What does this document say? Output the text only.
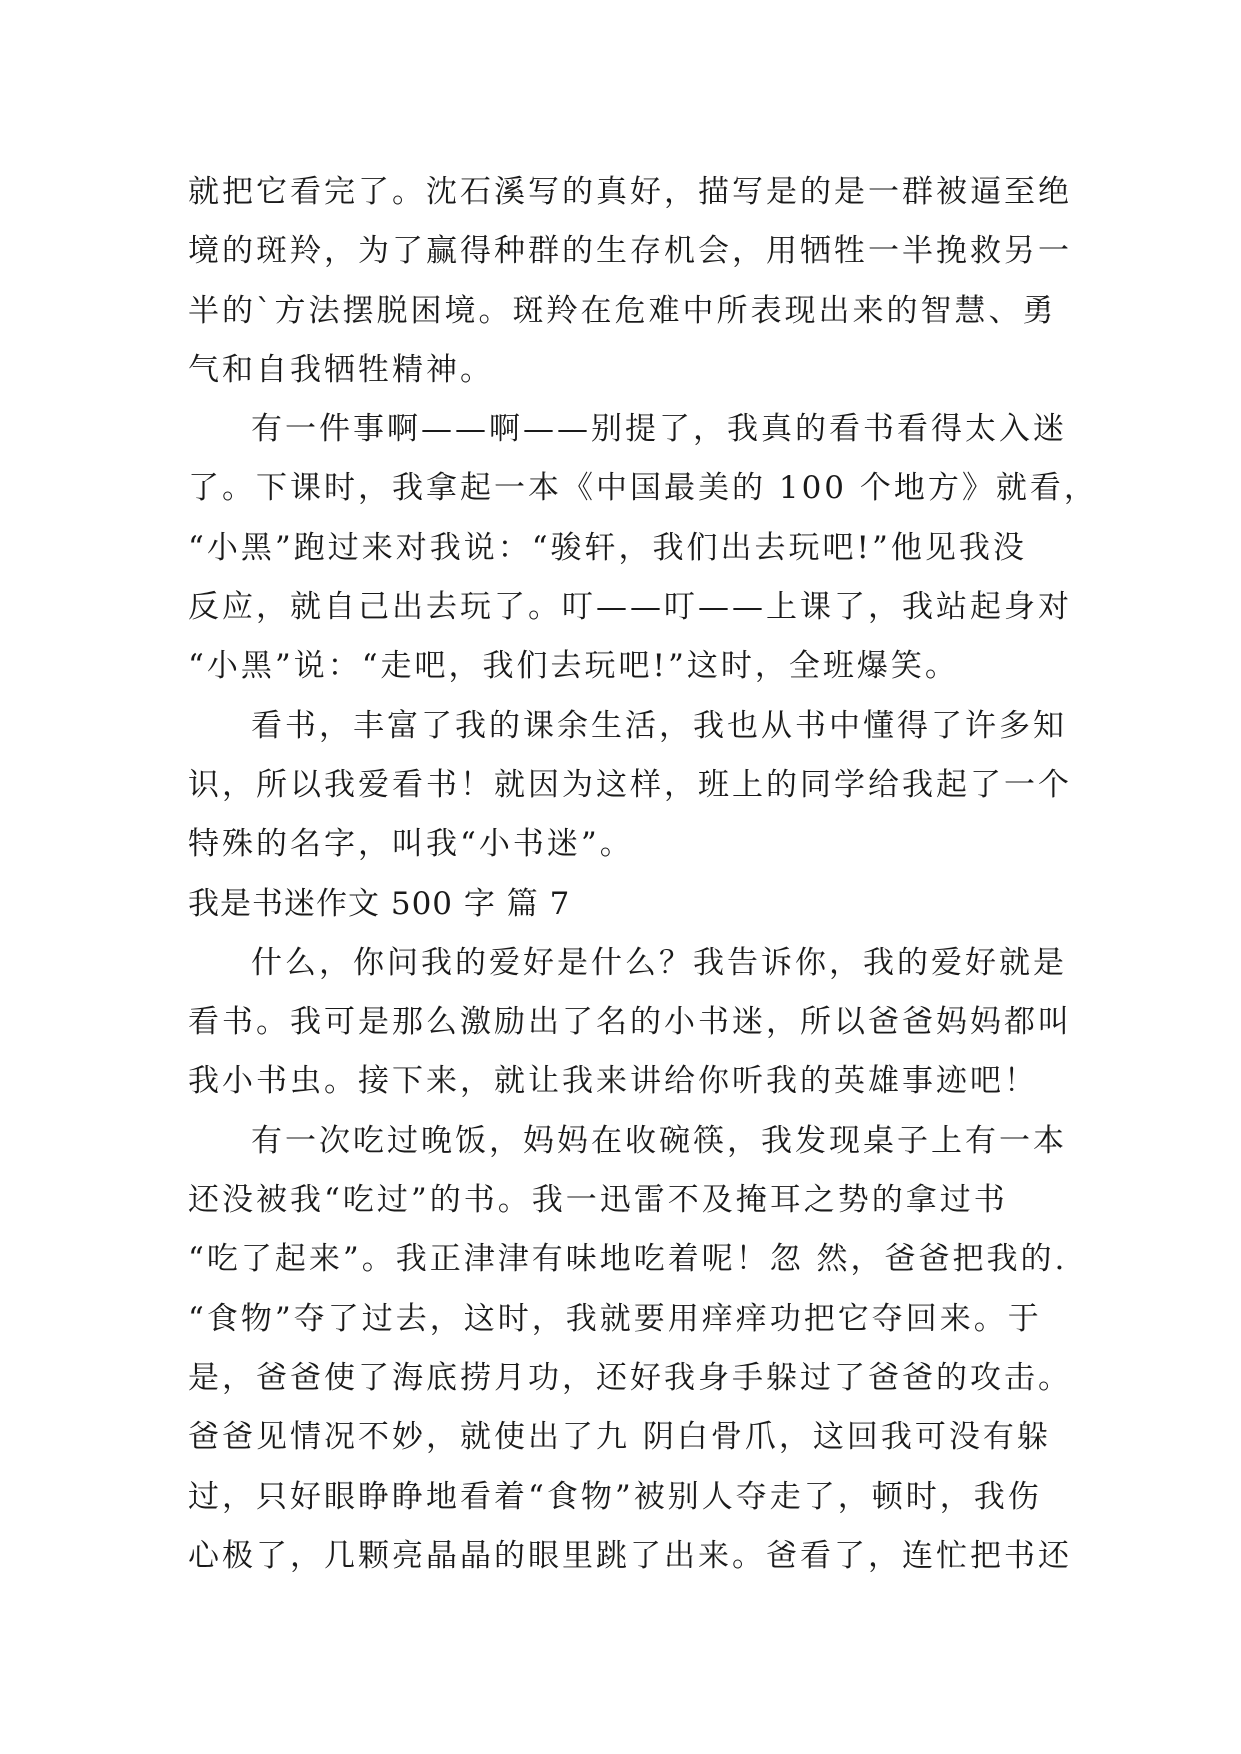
就把它看完了。沈石溪写的真好，描写是的是一群被逼至绝
境的斑羚，为了赢得种群的生存机会，用牺牲一半挽救另一
半的`方法摆脱困境。斑羚在危难中所表现出来的智慧、勇
气和自我牺牲精神。
有一件事啊——啊——别提了，我真的看书看得太入迷
了。下课时，我拿起一本《中国最美的 100 个地方》就看，
“小黑”跑过来对我说：“骏轩，我们出去玩吧!”他见我没
反应，就自己出去玩了。叮——叮——上课了，我站起身对
“小黑”说：“走吧，我们去玩吧!”这时，全班爆笑。
看书，丰富了我的课余生活，我也从书中懂得了许多知
识，所以我爱看书！就因为这样，班上的同学给我起了一个
特殊的名字，叫我“小书迷”。
我是书迷作文 500 字 篇 7
什么，你问我的爱好是什么？我告诉你，我的爱好就是
看书。我可是那么激励出了名的小书迷，所以爸爸妈妈都叫
我小书虫。接下来，就让我来讲给你听我的英雄事迹吧！
有一次吃过晚饭，妈妈在收碗筷，我发现桌子上有一本
还没被我“吃过”的书。我一迅雷不及掩耳之势的拿过书
“吃了起来”。我正津津有味地吃着呢！忽 然，爸爸把我的.
“食物”夺了过去，这时，我就要用痒痒功把它夺回来。于
是，爸爸使了海底捞月功，还好我身手躲过了爸爸的攻击。
爸爸见情况不妙，就使出了九 阴白骨爪，这回我可没有躲
过，只好眼睁睁地看着“食物”被别人夺走了，顿时，我伤
心极了，几颗亮晶晶的眼里跳了出来。爸看了，连忙把书还
